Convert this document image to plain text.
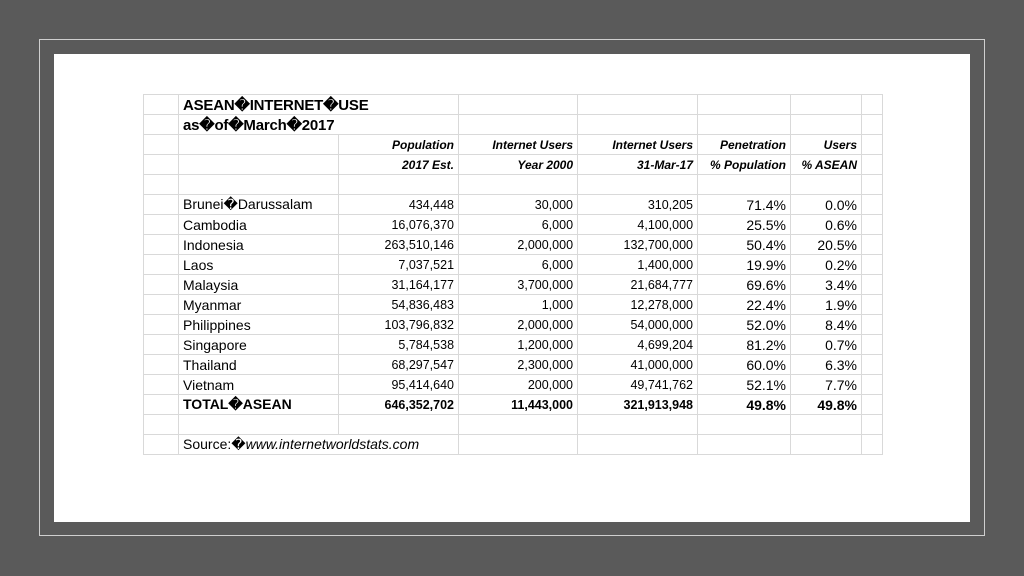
	ASEAN�INTERNET�USE						
	as�of�March�2017						
		Population	Internet Users	Internet Users	Penetration	Users	
		2017 Est.	Year 2000	31-Mar-17	% Population	% ASEAN	

	Brunei�Darussalam	434,448	30,000	310,205	71.4%	0.0%	
	Cambodia	16,076,370	6,000	4,100,000	25.5%	0.6%	
	Indonesia	263,510,146	2,000,000	132,700,000	50.4%	20.5%	
	Laos	7,037,521	6,000	1,400,000	19.9%	0.2%	
	Malaysia	31,164,177	3,700,000	21,684,777	69.6%	3.4%	
	Myanmar	54,836,483	1,000	12,278,000	22.4%	1.9%	
	Philippines	103,796,832	2,000,000	54,000,000	52.0%	8.4%	
	Singapore	5,784,538	1,200,000	4,699,204	81.2%	0.7%	
	Thailand	68,297,547	2,300,000	41,000,000	60.0%	6.3%	
	Vietnam	95,414,640	200,000	49,741,762	52.1%	7.7%	
	TOTAL�ASEAN	646,352,702	11,443,000	321,913,948	49.8%	49.8%	

	Source:�www.internetworldstats.com						
